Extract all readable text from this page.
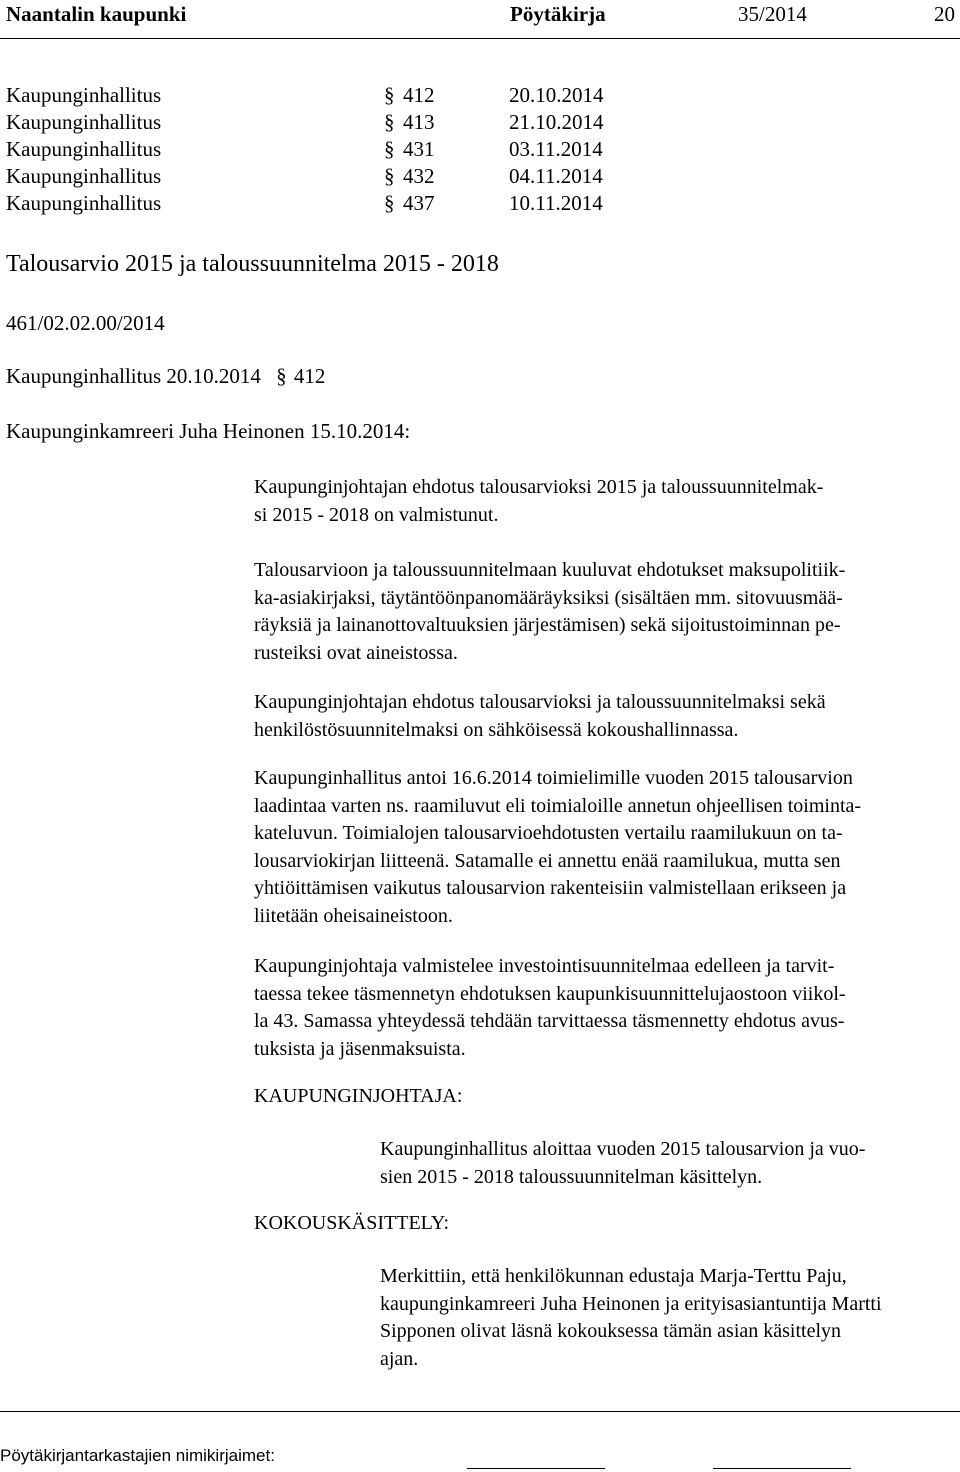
Naantalin kaupunki	Pöytäkirja	35/2014	20
Kaupunginhallitus	§ 412	20.10.2014
Kaupunginhallitus	§ 413	21.10.2014
Kaupunginhallitus	§ 431	03.11.2014
Kaupunginhallitus	§ 432	04.11.2014
Kaupunginhallitus	§ 437	10.11.2014
Talousarvio 2015 ja taloussuunnitelma 2015 - 2018
461/02.02.00/2014
Kaupunginhallitus 20.10.2014 § 412
Kaupunginkamreeri Juha Heinonen 15.10.2014:
Kaupunginjohtajan ehdotus talousarvioksi 2015 ja taloussuunnitelmak-
si 2015 - 2018 on valmistunut.
Talousarvioon ja taloussuunnitelmaan kuuluvat ehdotukset maksupolitiik-
ka-asiakirjaksi, täytäntöönpanomääräyksiksi (sisältäen mm. sitovuusmää-
räyksiä ja lainanottovaltuuksien järjestämisen) sekä sijoitustoiminnan pe-
rusteiksi ovat aineistossa.
Kaupunginjohtajan ehdotus talousarvioksi ja taloussuunnitelmaksi sekä
henkilöstösuunnitelmaksi on sähköisessä kokoushallinnassa.
Kaupunginhallitus antoi 16.6.2014 toimielimille vuoden 2015 talousarvion
laadintaa varten ns. raamiluvut eli toimialoille annetun ohjeellisen toiminta-
kateluvun. Toimialojen talousarvioehdotusten vertailu raamilukuun on ta-
lousarviokirjan liitteenä. Satamalle ei annettu enää raamilukua, mutta sen
yhtiöittämisen vaikutus talousarvion rakenteisiin valmistellaan erikseen ja
liitetään oheisaineistoon.
Kaupunginjohtaja valmistelee investointisuunnitelmaa edelleen ja tarvit-
taessa tekee täsmennetyn ehdotuksen kaupunkisuunnittelujaostoon viikol-
la 43. Samassa yhteydessä tehdään tarvittaessa täsmennetty ehdotus avus-
tuksista ja jäsenmaksuista.
KAUPUNGINJOHTAJA:
Kaupunginhallitus aloittaa vuoden 2015 talousarvion ja vuo-
sien 2015 - 2018 taloussuunnitelman käsittelyn.
KOKOUSKÄSITTELY:
Merkittiin, että henkilökunnan edustaja Marja-Terttu Paju,
kaupunginkamreeri Juha Heinonen ja erityisasiantuntija Martti
Sipponen olivat läsnä kokouksessa tämän asian käsittelyn
ajan.
Pöytäkirjantarkastajien nimikirjaimet:
